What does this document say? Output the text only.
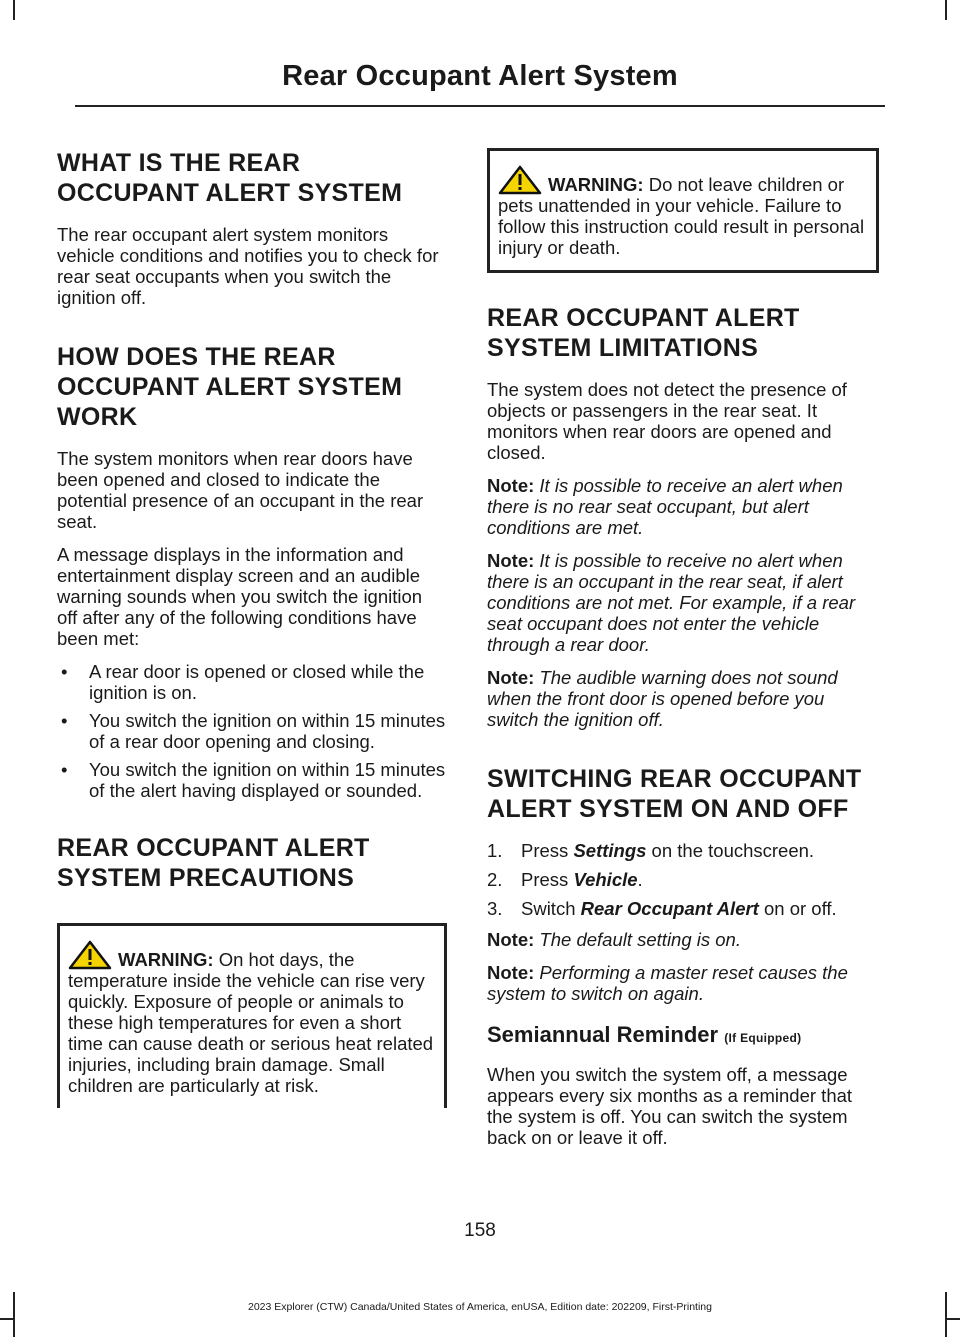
Rear Occupant Alert System
WHAT IS THE REAR OCCUPANT ALERT SYSTEM

The rear occupant alert system monitors vehicle conditions and notifies you to check for rear seat occupants when you switch the ignition off.

HOW DOES THE REAR OCCUPANT ALERT SYSTEM WORK

The system monitors when rear doors have been opened and closed to indicate the potential presence of an occupant in the rear seat.

A message displays in the information and entertainment display screen and an audible warning sounds when you switch the ignition off after any of the following conditions have been met:

• A rear door is opened or closed while the ignition is on.
• You switch the ignition on within 15 minutes of a rear door opening and closing.
• You switch the ignition on within 15 minutes of the alert having displayed or sounded.
REAR OCCUPANT ALERT SYSTEM PRECAUTIONS

WARNING: On hot days, the temperature inside the vehicle can rise very quickly. Exposure of people or animals to these high temperatures for even a short time can cause death or serious heat related injuries, including brain damage. Small children are particularly at risk.

WARNING: Do not leave children or pets unattended in your vehicle. Failure to follow this instruction could result in personal injury or death.

REAR OCCUPANT ALERT SYSTEM LIMITATIONS

The system does not detect the presence of objects or passengers in the rear seat. It monitors when rear doors are opened and closed.

Note: It is possible to receive an alert when there is no rear seat occupant, but alert conditions are met.

Note: It is possible to receive no alert when there is an occupant in the rear seat, if alert conditions are not met. For example, if a rear seat occupant does not enter the vehicle through a rear door.

Note: The audible warning does not sound when the front door is opened before you switch the ignition off.

SWITCHING REAR OCCUPANT ALERT SYSTEM ON AND OFF
1. Press Settings on the touchscreen.
2. Press Vehicle.
3. Switch Rear Occupant Alert on or off.

Note: The default setting is on.

Note: Performing a master reset causes the system to switch on again.

Semiannual Reminder (If Equipped)

When you switch the system off, a message appears every six months as a reminder that the system is off. You can switch the system back on or leave it off.

158
2023 Explorer (CTW) Canada/United States of America, enUSA, Edition date: 202209, First-Printing
